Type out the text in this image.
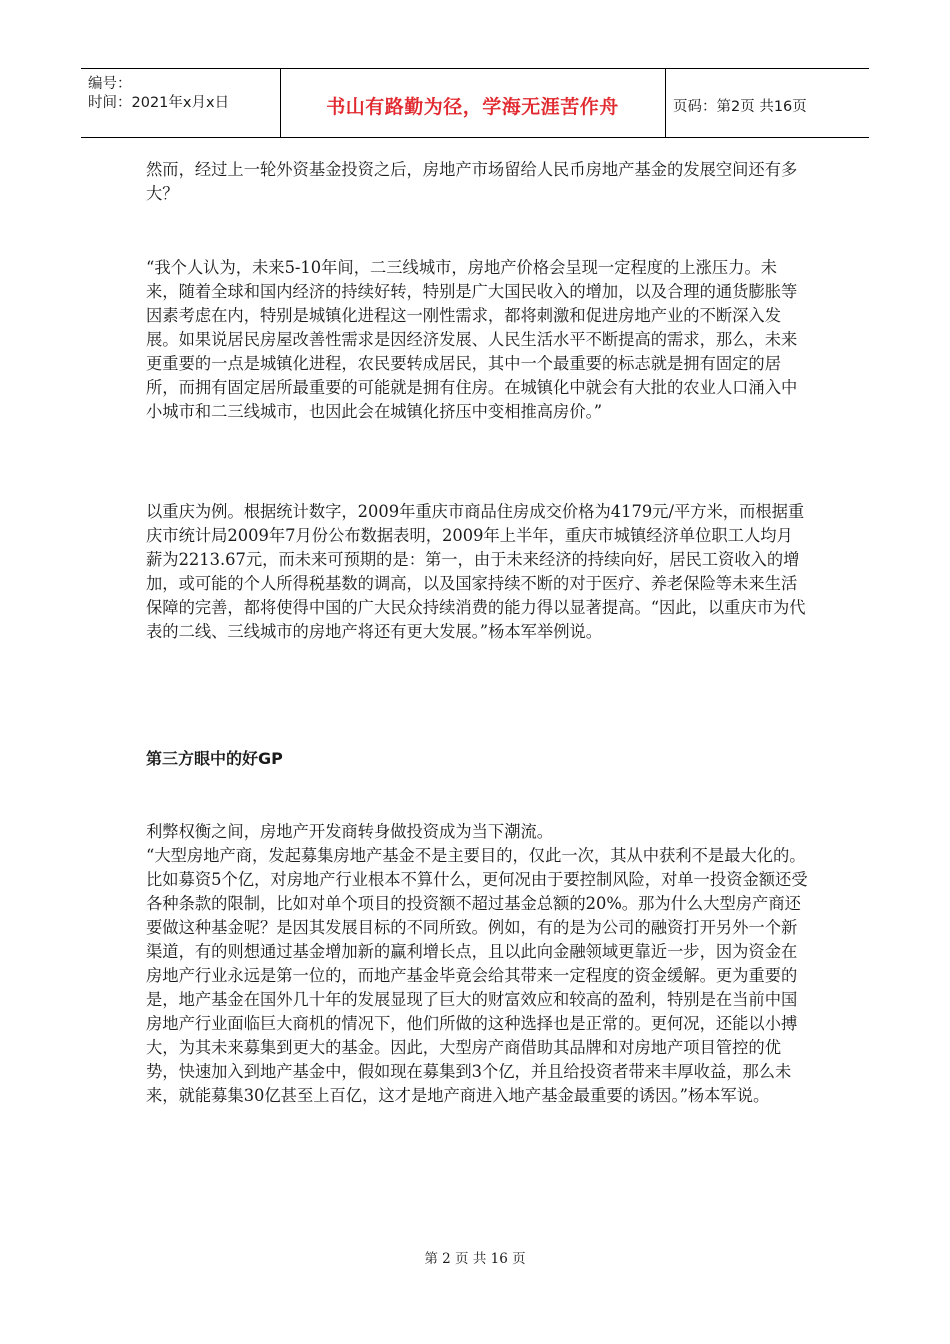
编号：
时间：2021年x月x日	书山有路勤为径，学海无涯苦作舟	页码：第2页 共16页

然而，经过上一轮外资基金投资之后，房地产市场留给人民币房地产基金的发展空间还有多大？

“我个人认为，未来5-10年间，二三线城市，房地产价格会呈现一定程度的上涨压力。未来，随着全球和国内经济的持续好转，特别是广大国民收入的增加，以及合理的通货膨胀等因素考虑在内，特别是城镇化进程这一刚性需求，都将刺激和促进房地产业的不断深入发展。如果说居民房屋改善性需求是因经济发展、人民生活水平不断提高的需求，那么，未来更重要的一点是城镇化进程，农民要转成居民，其中一个最重要的标志就是拥有固定的居所，而拥有固定居所最重要的可能就是拥有住房。在城镇化中就会有大批的农业人口涌入中小城市和二三线城市，也因此会在城镇化挤压中变相推高房价。”

以重庆为例。根据统计数字，2009年重庆市商品住房成交价格为4179元/平方米，而根据重庆市统计局2009年7月份公布数据表明，2009年上半年，重庆市城镇经济单位职工人均月薪为2213.67元，而未来可预期的是：第一，由于未来经济的持续向好，居民工资收入的增加，或可能的个人所得税基数的调高，以及国家持续不断的对于医疗、养老保险等未来生活保障的完善，都将使得中国的广大民众持续消费的能力得以显著提高。“因此，以重庆市为代表的二线、三线城市的房地产将还有更大发展。”杨本军举例说。

第三方眼中的好GP

利弊权衡之间，房地产开发商转身做投资成为当下潮流。

“大型房地产商，发起募集房地产基金不是主要目的，仅此一次，其从中获利不是最大化的。比如募资5个亿，对房地产行业根本不算什么，更何况由于要控制风险，对单一投资金额还受各种条款的限制，比如对单个项目的投资额不超过基金总额的20%。那为什么大型房产商还要做这种基金呢？是因其发展目标的不同所致。例如，有的是为公司的融资打开另外一个新渠道，有的则想通过基金增加新的赢利增长点，且以此向金融领域更靠近一步，因为资金在房地产行业永远是第一位的，而地产基金毕竟会给其带来一定程度的资金缓解。更为重要的是，地产基金在国外几十年的发展显现了巨大的财富效应和较高的盈利，特别是在当前中国房地产行业面临巨大商机的情况下，他们所做的这种选择也是正常的。更何况，还能以小搏大，为其未来募集到更大的基金。因此，大型房产商借助其品牌和对房地产项目管控的优势，快速加入到地产基金中，假如现在募集到3个亿，并且给投资者带来丰厚收益，那么未来，就能募集30亿甚至上百亿，这才是地产商进入地产基金最重要的诱因。”杨本军说。

第 2 页 共 16 页
